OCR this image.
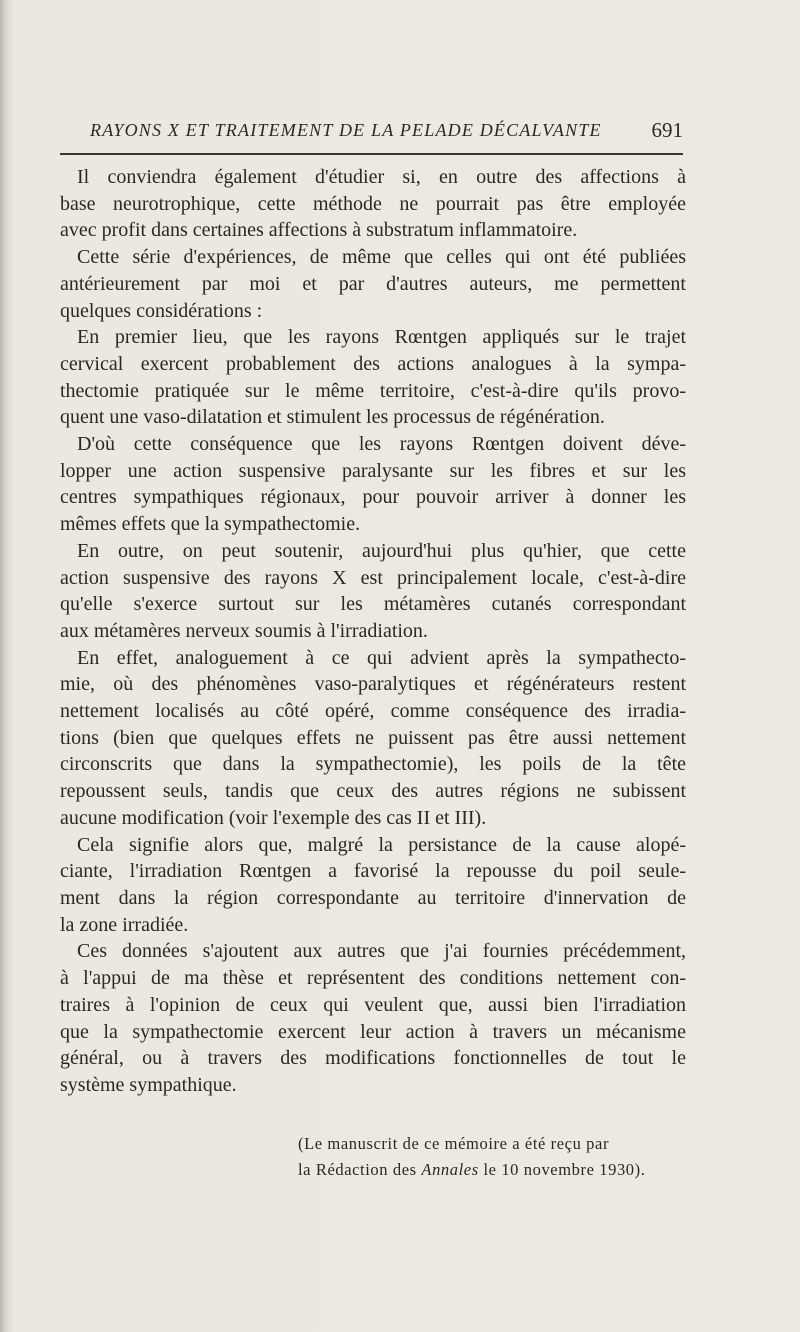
RAYONS X ET TRAITEMENT DE LA PELADE DÉCALVANTE 691

Il conviendra également d'étudier si, en outre des affections à
base neurotrophique, cette méthode ne pourrait pas être employée
avec profit dans certaines affections à substratum inflammatoire.

Cette série d'expériences, de même que celles qui ont été publiées
antérieurement par moi et par d'autres auteurs, me permettent
quelques considérations :

En premier lieu, que les rayons Rœntgen appliqués sur le trajet
cervical exercent probablement des actions analogues à la sympa-
thectomie pratiquée sur le même territoire, c'est-à-dire qu'ils provo-
quent une vaso-dilatation et stimulent les processus de régénération.

D'où cette conséquence que les rayons Rœntgen doivent déve-
lopper une action suspensive paralysante sur les fibres et sur les
centres sympathiques régionaux, pour pouvoir arriver à donner les
mêmes effets que la sympathectomie.

En outre, on peut soutenir, aujourd'hui plus qu'hier, que cette
action suspensive des rayons X est principalement locale, c'est-à-dire
qu'elle s'exerce surtout sur les métamères cutanés correspondant
aux métamères nerveux soumis à l'irradiation.

En effet, analoguement à ce qui advient après la sympathecto-
mie, où des phénomènes vaso-paralytiques et régénérateurs restent
nettement localisés au côté opéré, comme conséquence des irradia-
tions (bien que quelques effets ne puissent pas être aussi nettement
circonscrits que dans la sympathectomie), les poils de la tête
repoussent seuls, tandis que ceux des autres régions ne subissent
aucune modification (voir l'exemple des cas II et III).

Cela signifie alors que, malgré la persistance de la cause alopé-
ciante, l'irradiation Rœntgen a favorisé la repousse du poil seule-
ment dans la région correspondante au territoire d'innervation de
la zone irradiée.

Ces données s'ajoutent aux autres que j'ai fournies précédemment,
à l'appui de ma thèse et représentent des conditions nettement con-
traires à l'opinion de ceux qui veulent que, aussi bien l'irradiation
que la sympathectomie exercent leur action à travers un mécanisme
général, ou à travers des modifications fonctionnelles de tout le
système sympathique.

(Le manuscrit de ce mémoire a été reçu par
la Rédaction des Annales le 10 novembre 1930).
